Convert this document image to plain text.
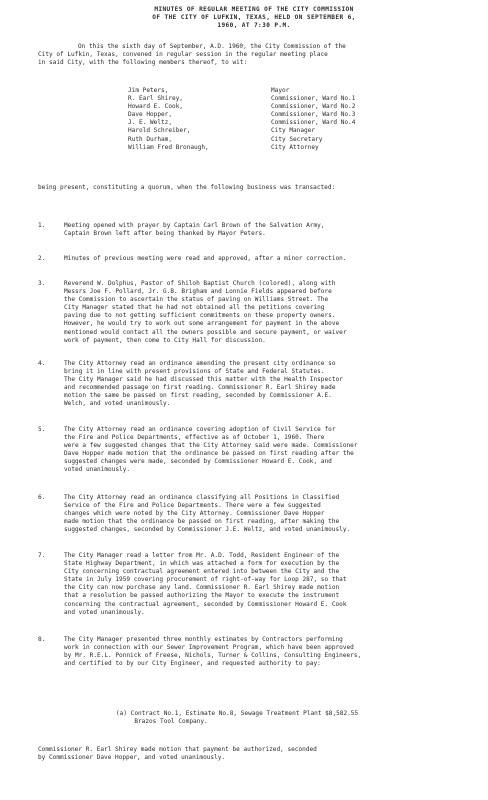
MINUTES OF REGULAR MEETING OF THE CITY COMMISSION
OF THE CITY OF LUFKIN, TEXAS, HELD ON SEPTEMBER 6,
1960, AT 7:30 P.M.
On this the sixth day of September, A.D. 1960, the City Commission of the
City of Lufkin, Texas, convened in regular session in the regular meeting place
in said City, with the following members thereof, to wit:
Jim Peters,	Mayor
R. Earl Shirey,	Commissioner, Ward No.1
Howard E. Cook,	Commissioner, Ward No.2
Dave Hopper,	Commissioner, Ward No.3
J. E. Weltz,	Commissioner, Ward No.4
Harold Schreiber,	City Manager
Ruth Durham,	City Secretary
William Fred Bronaugh,	City Attorney
being present, constituting a quorum, when the following business was transacted:
1.	Meeting opened with prayer by Captain Carl Brown of the Salvation Army,
Captain Brown left after being thanked by Mayor Peters.
2.	Minutes of previous meeting were read and approved, after a minor correction.
3.	Reverend W. Dolphus, Pastor of Shiloh Baptist Church (colored), along with
Messrs Joe F. Pollard, Jr. G.B. Brigham and Lonnie Fields appeared before
the Commission to ascertain the status of paving on Williams Street. The
City Manager stated that he had not obtained all the petitions covering
paving due to not getting sufficient commitments on these property owners.
However, he would try to work out some arrangement for payment in the above
mentioned would contact all the owners possible and secure payment, or waiver
work of payment, then come to City Hall for discussion.
4.	The City Attorney read an ordinance amending the present city ordinance so
bring it in line with present provisions of State and Federal Statutes.
The City Manager said he had discussed this matter with the Health Inspector
and recommended passage on first reading. Commissioner R. Earl Shirey made
motion the same be passed on first reading, seconded by Commissioner A.E.
Welch, and voted unanimously.
5.	The City Attorney read an ordinance covering adoption of Civil Service for
the Fire and Police Departments, effective as of October 1, 1960. There
were a few suggested changes that the City Attorney said were made. Commissioner
Dave Hopper made motion that the ordinance be passed on first reading after the
suggested changes were made, seconded by Commissioner Howard E. Cook, and
voted unanimously.
6.	The City Attorney read an ordinance classifying all Positions in Classified
Service of the Fire and Police Departments. There were a few suggested
changes which were noted by the City Attorney. Commissioner Dave Hopper
made motion that the ordinance be passed on first reading, after making the
suggested changes, seconded by Commissioner J.E. Weltz, and voted unanimously.
7.	The City Manager read a letter from Mr. A.D. Todd, Resident Engineer of the
State Highway Department, in which was attached a form for execution by the
City concerning contractual agreement entered into between the City and the
State in July 1959 covering procurement of right-of-way for Loop 287, so that
the City can now purchase any land. Commissioner R. Earl Shirey made motion
that a resolution be passed authorizing the Mayor to execute the instrument
concerning the contractual agreement, seconded by Commissioner Howard E. Cook
and voted unanimously.
8.	The City Manager presented three monthly estimates by Contractors performing
work in connection with our Sewer Improvement Program, which have been approved
by Mr. R.E.L. Ponnick of Freese, Nichols, Turner & Collins, Consulting Engineers,
and certified to by our City Engineer, and requested authority to pay:
(a) Contract No.1, Estimate No.8, Sewage Treatment Plant $8,582.55
Brazos Tool Company.
Commissioner R. Earl Shirey made motion that payment be authorized, seconded
by Commissioner Dave Hopper, and voted unanimously.
